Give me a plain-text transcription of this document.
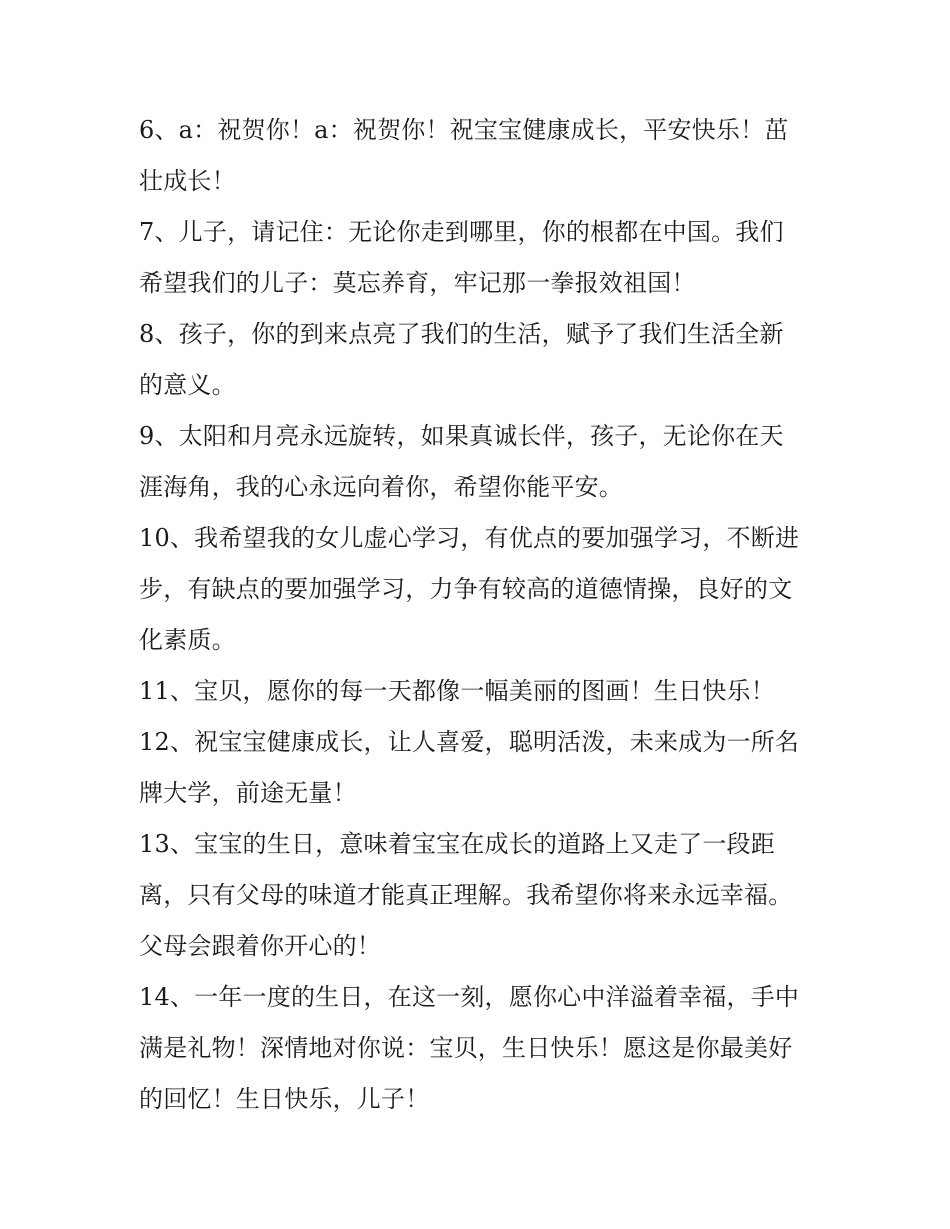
6、a：祝贺你！a：祝贺你！祝宝宝健康成长，平安快乐！茁
壮成长！
7、儿子，请记住：无论你走到哪里，你的根都在中国。我们
希望我们的儿子：莫忘养育，牢记那一拳报效祖国！
8、孩子，你的到来点亮了我们的生活，赋予了我们生活全新
的意义。
9、太阳和月亮永远旋转，如果真诚长伴，孩子，无论你在天
涯海角，我的心永远向着你，希望你能平安。
10、我希望我的女儿虚心学习，有优点的要加强学习，不断进
步，有缺点的要加强学习，力争有较高的道德情操，良好的文
化素质。
11、宝贝，愿你的每一天都像一幅美丽的图画！生日快乐！
12、祝宝宝健康成长，让人喜爱，聪明活泼，未来成为一所名
牌大学，前途无量！
13、宝宝的生日，意味着宝宝在成长的道路上又走了一段距
离，只有父母的味道才能真正理解。我希望你将来永远幸福。
父母会跟着你开心的！
14、一年一度的生日，在这一刻，愿你心中洋溢着幸福，手中
满是礼物！深情地对你说：宝贝，生日快乐！愿这是你最美好
的回忆！生日快乐，儿子！
